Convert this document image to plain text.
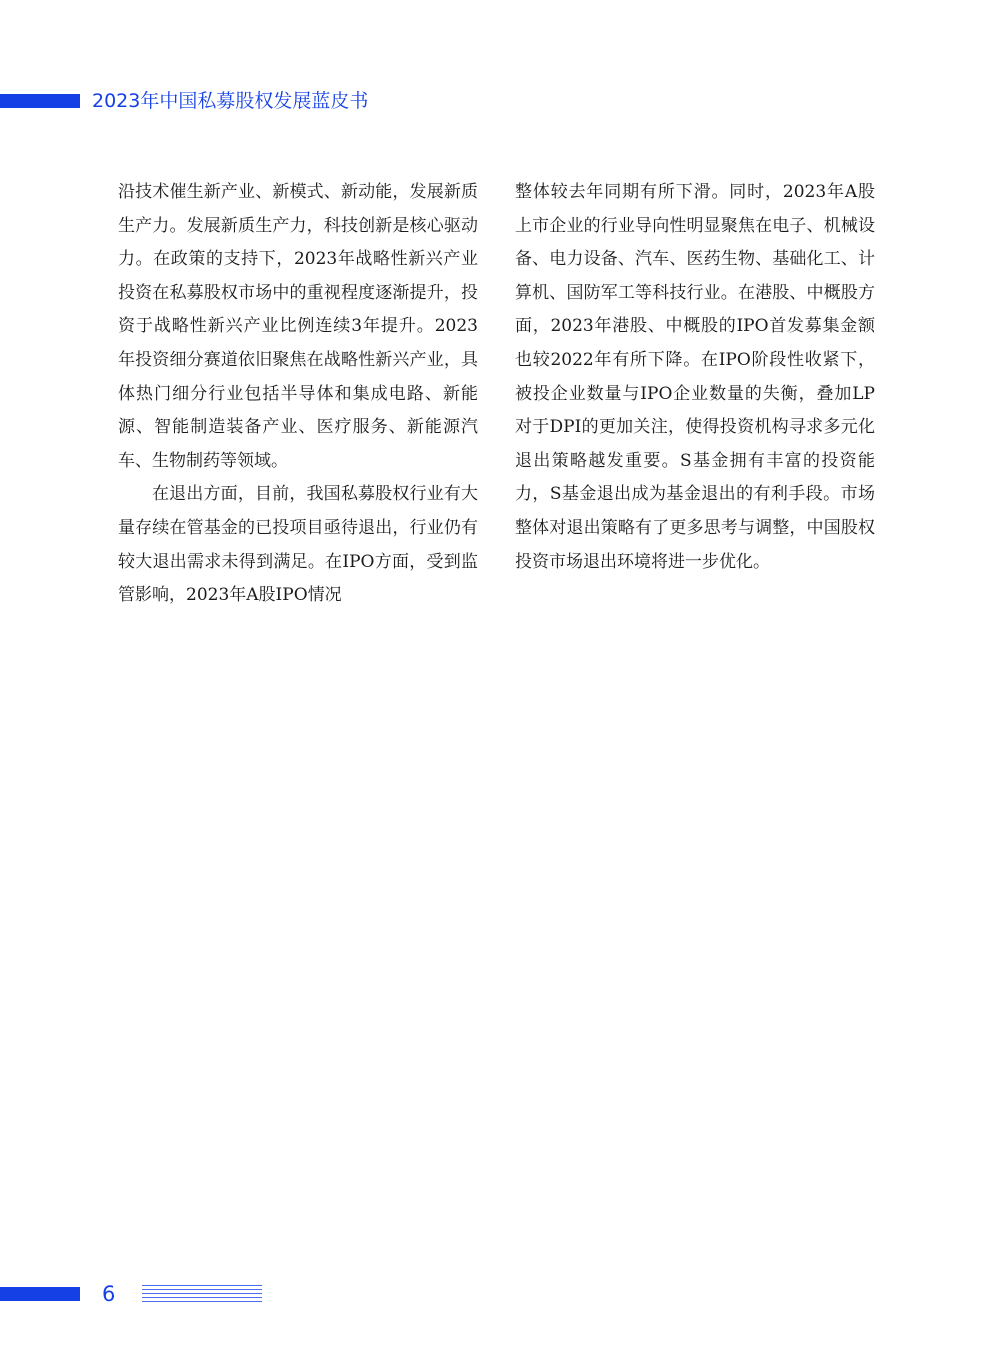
2023年中国私募股权发展蓝皮书

沿技术催生新产业、新模式、新动能，发展新质生产力。发展新质生产力，科技创新是核心驱动力。在政策的支持下，2023年战略性新兴产业投资在私募股权市场中的重视程度逐渐提升，投资于战略性新兴产业比例连续3年提升。2023年投资细分赛道依旧聚焦在战略性新兴产业，具体热门细分行业包括半导体和集成电路、新能源、智能制造装备产业、医疗服务、新能源汽车、生物制药等领域。

在退出方面，目前，我国私募股权行业有大量存续在管基金的已投项目亟待退出，行业仍有较大退出需求未得到满足。在IPO方面，受到监管影响，2023年A股IPO情况

整体较去年同期有所下滑。同时，2023年A股上市企业的行业导向性明显聚焦在电子、机械设备、电力设备、汽车、医药生物、基础化工、计算机、国防军工等科技行业。在港股、中概股方面，2023年港股、中概股的IPO首发募集金额也较2022年有所下降。在IPO阶段性收紧下，被投企业数量与IPO企业数量的失衡，叠加LP对于DPI的更加关注，使得投资机构寻求多元化退出策略越发重要。S基金拥有丰富的投资能力，S基金退出成为基金退出的有利手段。市场整体对退出策略有了更多思考与调整，中国股权投资市场退出环境将进一步优化。

6
